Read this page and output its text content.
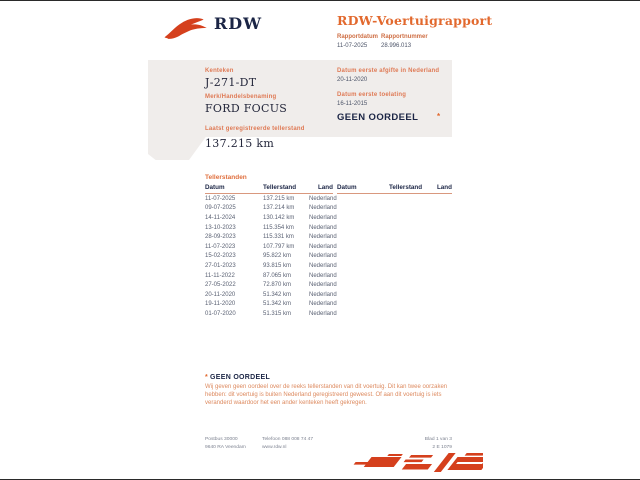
RDW	RDW-Voertuigrapport
Rapportdatum
11-07-2025
Rapportnummer
28.996.013
Kenteken
J-271-DT
Merk/Handelsbenaming
FORD FOCUS
Datum eerste afgifte in Nederland
20-11-2020
Datum eerste toelating
16-11-2015
GEEN OORDEEL *
Laatst geregistreerde tellerstand
137.215 km
Tellerstanden
Datum	Tellerstand	Land
11-07-2025	137.215 km	Nederland
09-07-2025	137.214 km	Nederland
14-11-2024	130.142 km	Nederland
13-10-2023	115.354 km	Nederland
28-09-2023	115.331 km	Nederland
11-07-2023	107.797 km	Nederland
15-02-2023	95.822 km	Nederland
27-01-2023	93.815 km	Nederland
11-11-2022	87.065 km	Nederland
27-05-2022	72.870 km	Nederland
20-11-2020	51.342 km	Nederland
19-11-2020	51.342 km	Nederland
01-07-2020	51.315 km	Nederland
Datum	Tellerstand	Land
* GEEN OORDEEL
Wij geven geen oordeel over de reeks tellerstanden van dit voertuig. Dit kan twee oorzaken hebben: dit voertuig is buiten Nederland geregistreerd geweest. Of aan dit voertuig is iets veranderd waardoor het een ander kenteken heeft gekregen.
Postbus 30000
9640 RA Veendam
Telefoon 088 008 74 47
www.rdw.nl
Blad 1 van 3
2 E 1079
